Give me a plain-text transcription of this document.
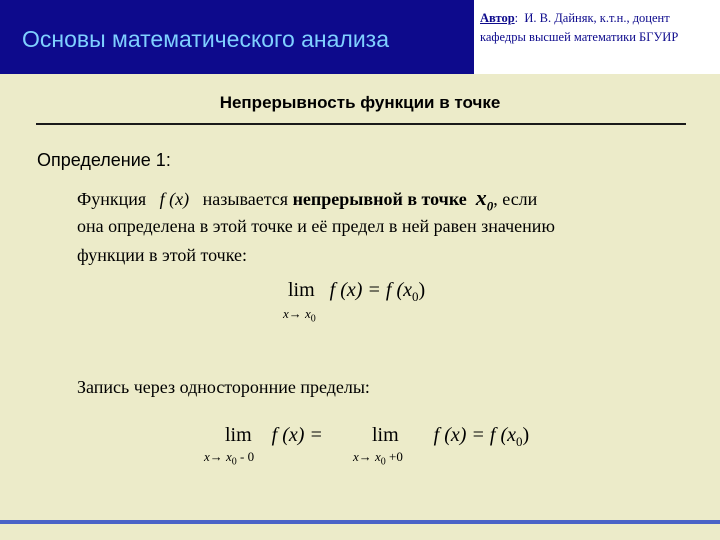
Основы математического анализа
Автор: И. В. Дайняк, к.т.н., доцент
кафедры высшей математики БГУИР
Непрерывность функции в точке
Определение 1:
Функция f (x) называется непрерывной в точке $x_0$, если
она определена в этой точке и её предел в ней равен значению
функции в этой точке:
lim f (x) = f $(x_0)$
$x\to x_0$
Запись через односторонние пределы:
lim f (x) =
$x\to x_0 - 0$
lim f (x) = f $(x_0)$
$x\to x_0 +0$
